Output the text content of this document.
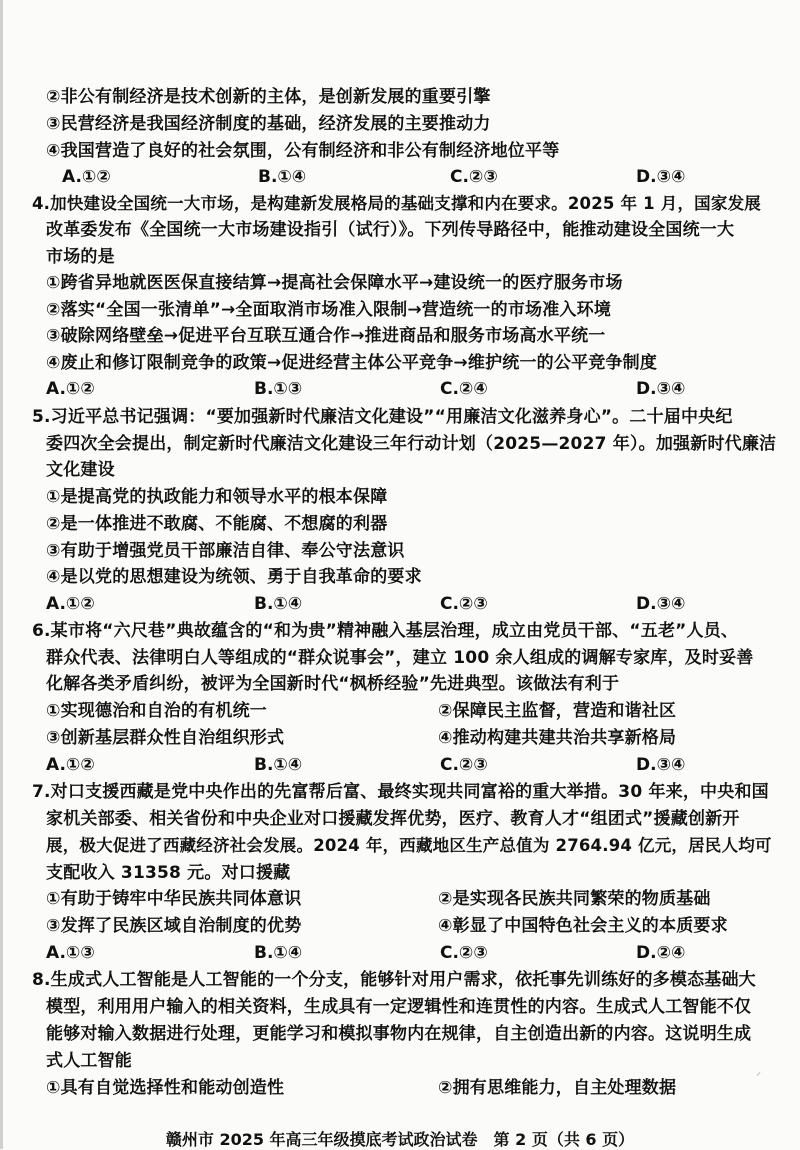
②非公有制经济是技术创新的主体，是创新发展的重要引擎
③民营经济是我国经济制度的基础，经济发展的主要推动力
④我国营造了良好的社会氛围，公有制经济和非公有制经济地位平等
A.①②	B.①④	C.②③	D.③④
4.加快建设全国统一大市场，是构建新发展格局的基础支撑和内在要求。2025 年 1 月，国家发展
改革委发布《全国统一大市场建设指引（试行）》。下列传导路径中，能推动建设全国统一大
市场的是
①跨省异地就医医保直接结算→提高社会保障水平→建设统一的医疗服务市场
②落实“全国一张清单”→全面取消市场准入限制→营造统一的市场准入环境
③破除网络壁垒→促进平台互联互通合作→推进商品和服务市场高水平统一
④废止和修订限制竞争的政策→促进经营主体公平竞争→维护统一的公平竞争制度
A.①②	B.①③	C.②④	D.③④
5.习近平总书记强调：“要加强新时代廉洁文化建设”“用廉洁文化滋养身心”。二十届中央纪
委四次全会提出，制定新时代廉洁文化建设三年行动计划（2025—2027 年）。加强新时代廉洁
文化建设
①是提高党的执政能力和领导水平的根本保障
②是一体推进不敢腐、不能腐、不想腐的利器
③有助于增强党员干部廉洁自律、奉公守法意识
④是以党的思想建设为统领、勇于自我革命的要求
A.①②	B.①④	C.②③	D.③④
6.某市将“六尺巷”典故蕴含的“和为贵”精神融入基层治理，成立由党员干部、“五老”人员、
群众代表、法律明白人等组成的“群众说事会”，建立 100 余人组成的调解专家库，及时妥善
化解各类矛盾纠纷，被评为全国新时代“枫桥经验”先进典型。该做法有利于
①实现德治和自治的有机统一	②保障民主监督，营造和谐社区
③创新基层群众性自治组织形式	④推动构建共建共治共享新格局
A.①②	B.①④	C.②③	D.③④
7.对口支援西藏是党中央作出的先富帮后富、最终实现共同富裕的重大举措。30 年来，中央和国
家机关部委、相关省份和中央企业对口援藏发挥优势，医疗、教育人才“组团式”援藏创新开
展，极大促进了西藏经济社会发展。2024 年，西藏地区生产总值为 2764.94 亿元，居民人均可
支配收入 31358 元。对口援藏
①有助于铸牢中华民族共同体意识	②是实现各民族共同繁荣的物质基础
③发挥了民族区域自治制度的优势	④彰显了中国特色社会主义的本质要求
A.①③	B.①④	C.②③	D.②④
8.生成式人工智能是人工智能的一个分支，能够针对用户需求，依托事先训练好的多模态基础大
模型，利用用户输入的相关资料，生成具有一定逻辑性和连贯性的内容。生成式人工智能不仅
能够对输入数据进行处理，更能学习和模拟事物内在规律，自主创造出新的内容。这说明生成
式人工智能
①具有自觉选择性和能动创造性	②拥有思维能力，自主处理数据
⸝
赣州市 2025 年高三年级摸底考试政治试卷　第 2 页（共 6 页）
